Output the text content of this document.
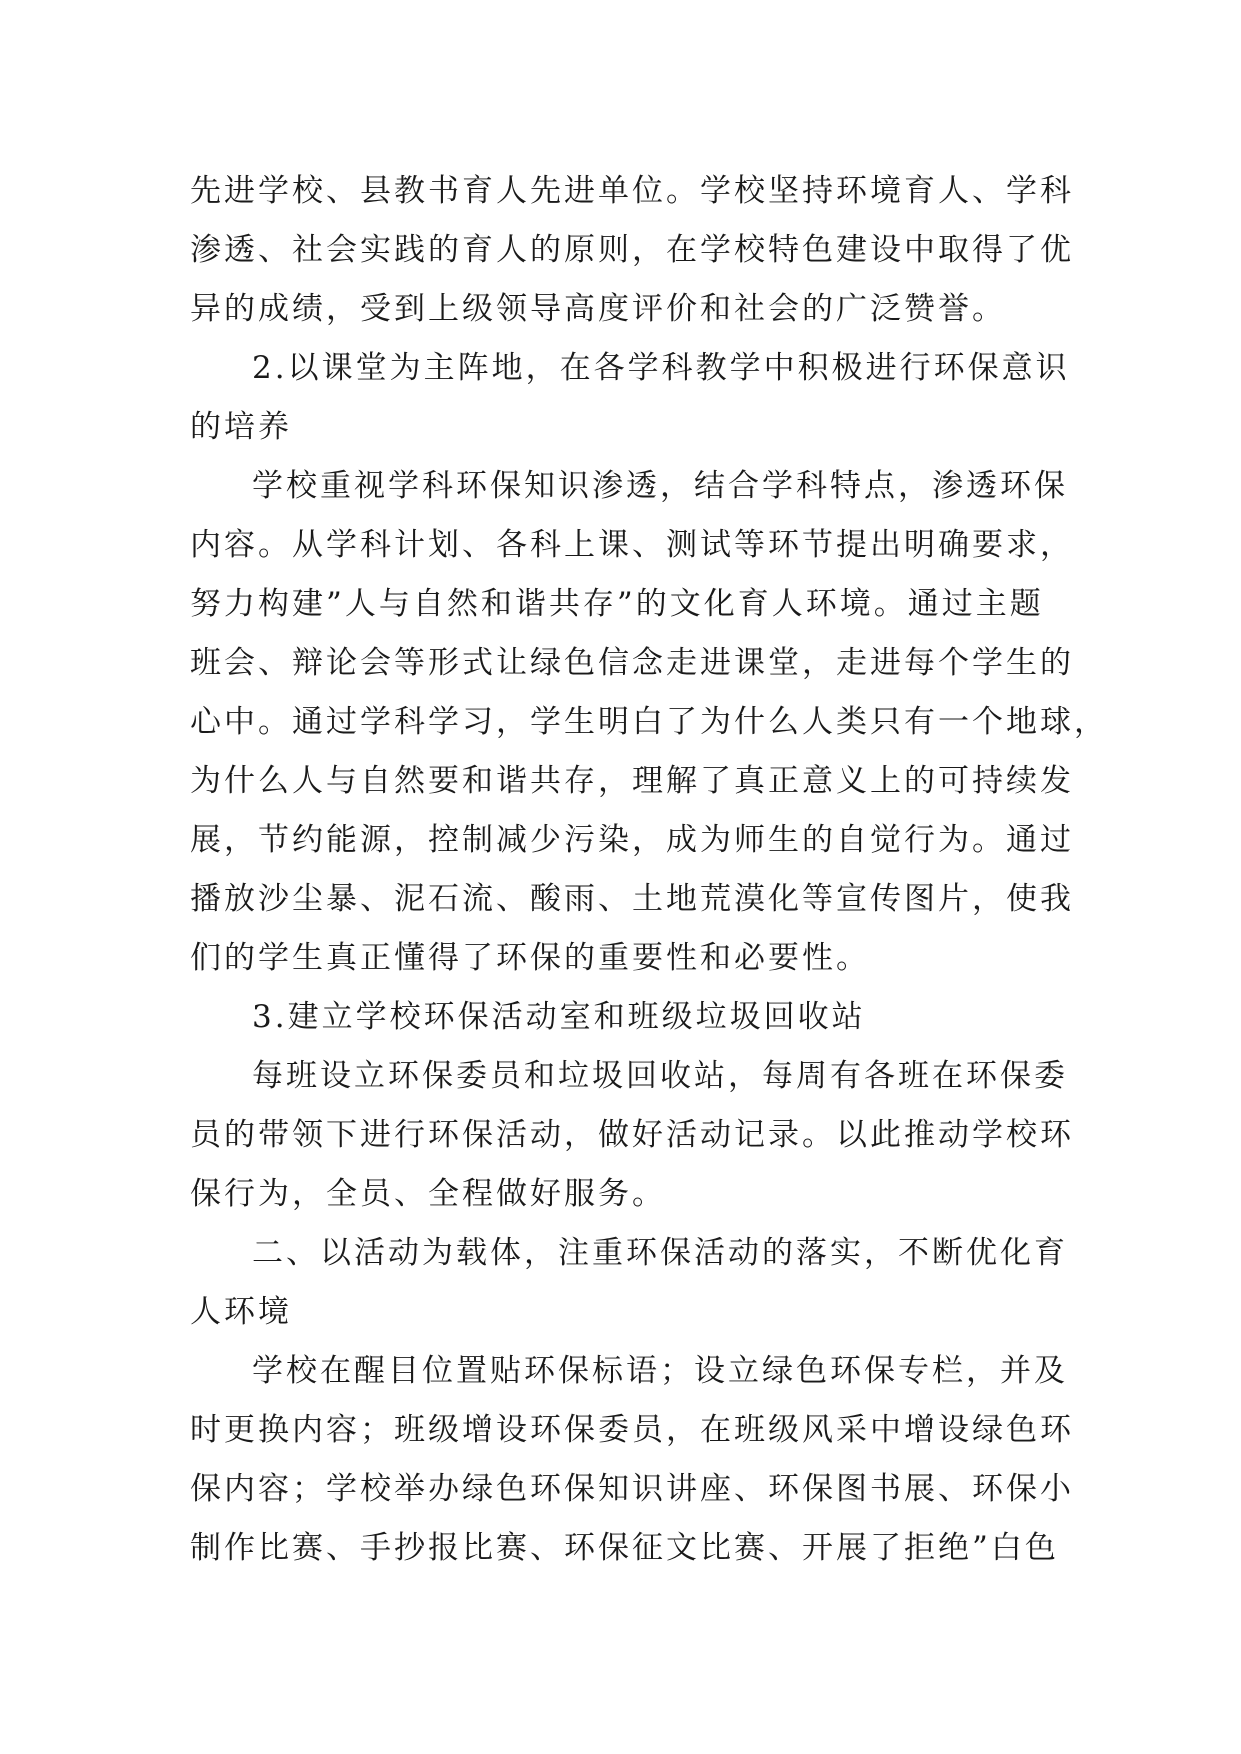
先进学校、县教书育人先进单位。学校坚持环境育人、学科
渗透、社会实践的育人的原则，在学校特色建设中取得了优
异的成绩，受到上级领导高度评价和社会的广泛赞誉。
2.以课堂为主阵地，在各学科教学中积极进行环保意识
的培养
学校重视学科环保知识渗透，结合学科特点，渗透环保
内容。从学科计划、各科上课、测试等环节提出明确要求，
努力构建”人与自然和谐共存”的文化育人环境。通过主题
班会、辩论会等形式让绿色信念走进课堂，走进每个学生的
心中。通过学科学习，学生明白了为什么人类只有一个地球，
为什么人与自然要和谐共存，理解了真正意义上的可持续发
展，节约能源，控制减少污染，成为师生的自觉行为。通过
播放沙尘暴、泥石流、酸雨、土地荒漠化等宣传图片，使我
们的学生真正懂得了环保的重要性和必要性。
3.建立学校环保活动室和班级垃圾回收站
每班设立环保委员和垃圾回收站，每周有各班在环保委
员的带领下进行环保活动，做好活动记录。以此推动学校环
保行为，全员、全程做好服务。
二、以活动为载体，注重环保活动的落实，不断优化育
人环境
学校在醒目位置贴环保标语；设立绿色环保专栏，并及
时更换内容；班级增设环保委员，在班级风采中增设绿色环
保内容；学校举办绿色环保知识讲座、环保图书展、环保小
制作比赛、手抄报比赛、环保征文比赛、开展了拒绝”白色
